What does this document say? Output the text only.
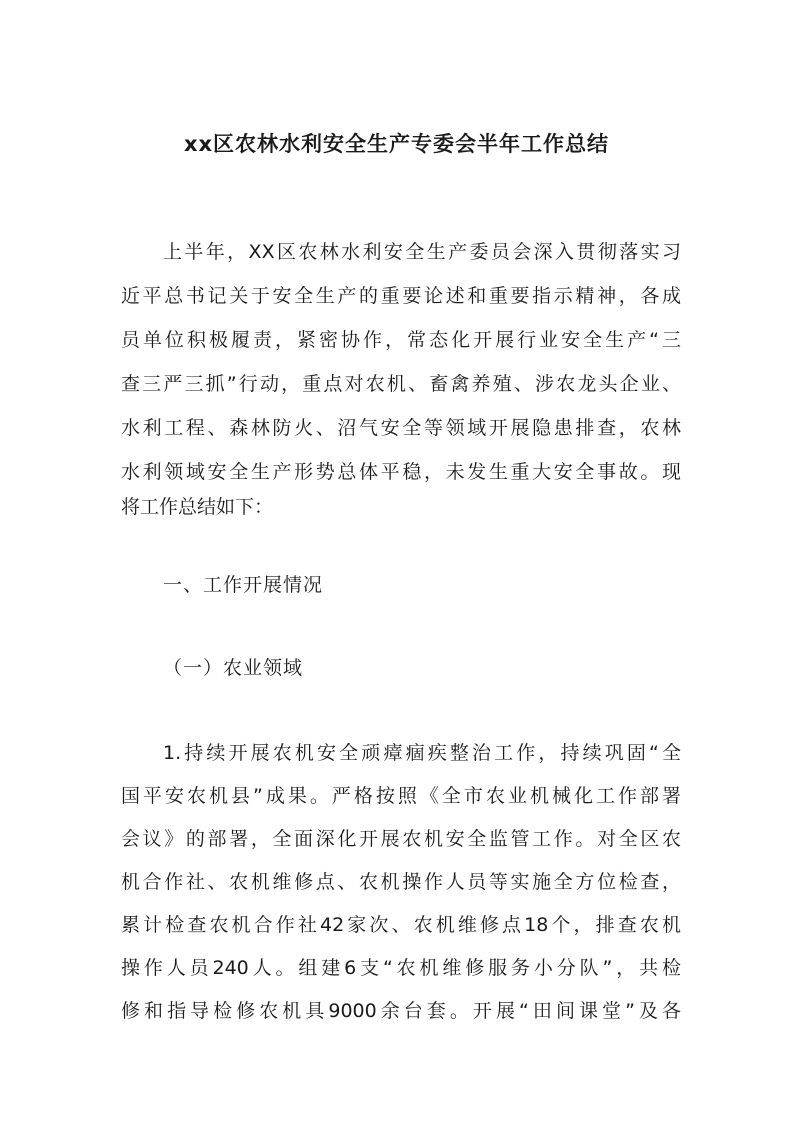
xx区农林水利安全生产专委会半年工作总结
上半年，XX区农林水利安全生产委员会深入贯彻落实习
近平总书记关于安全生产的重要论述和重要指示精神，各成
员单位积极履责，紧密协作，常态化开展行业安全生产“三
查三严三抓”行动，重点对农机、畜禽养殖、涉农龙头企业、
水利工程、森林防火、沼气安全等领域开展隐患排查，农林
水利领域安全生产形势总体平稳，未发生重大安全事故。现
将工作总结如下：
一、工作开展情况
（一）农业领域
1.持续开展农机安全顽瘴痼疾整治工作，持续巩固“全
国平安农机县”成果。严格按照《全市农业机械化工作部署
会议》的部署，全面深化开展农机安全监管工作。对全区农
机合作社、农机维修点、农机操作人员等实施全方位检查，
累计检查农机合作社42家次、农机维修点18个，排查农机
操作人员240人。组建6支“农机维修服务小分队”，共检
修和指导检修农机具9000余台套。开展“田间课堂”及各
